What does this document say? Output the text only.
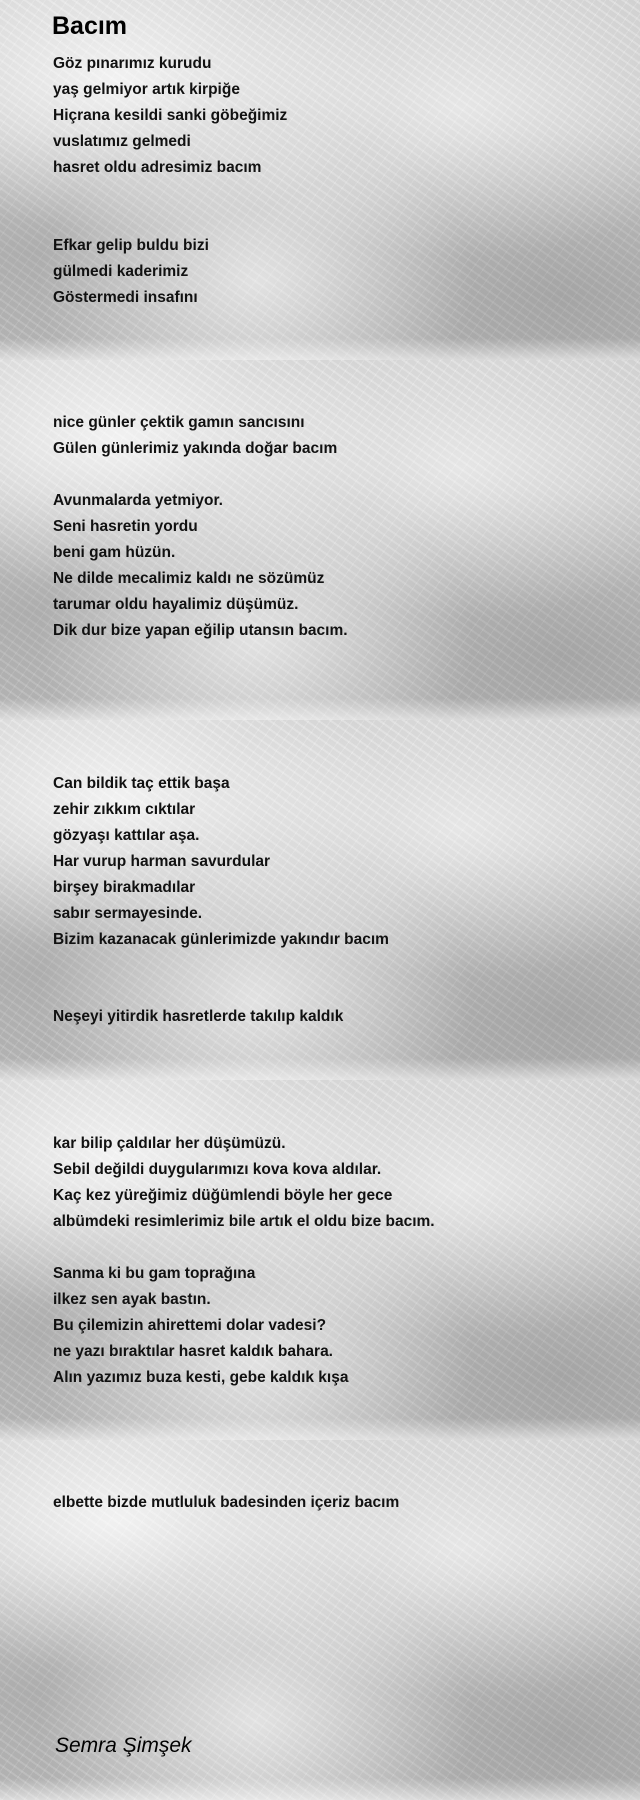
Bacım
Göz pınarımız kurudu
yaş gelmiyor artık kirpiğe
Hiçrana kesildi sanki göbeğimiz
vuslatımız gelmedi
hasret oldu adresimiz bacım
Efkar gelip buldu bizi
gülmedi kaderimiz
Göstermedi insafını
nice günler çektik gamın sancısını
Gülen günlerimiz yakında doğar bacım
Avunmalarda yetmiyor.
Seni hasretin yordu
beni gam hüzün.
Ne dilde mecalimiz kaldı ne sözümüz
tarumar oldu hayalimiz düşümüz.
Dik dur bize yapan eğilip utansın bacım.
Can bildik taç ettik başa
zehir zıkkım cıktılar
gözyaşı kattılar aşa.
Har vurup harman savurdular
birşey birakmadılar
sabır sermayesinde.
Bizim kazanacak günlerimizde yakındır bacım
Neşeyi yitirdik hasretlerde takılıp kaldık
kar bilip çaldılar her düşümüzü.
Sebil değildi duygularımızı kova kova aldılar.
Kaç kez yüreğimiz düğümlendi böyle her gece
albümdeki resimlerimiz bile artık el oldu bize bacım.
Sanma ki bu gam toprağına
ilkez sen ayak bastın.
Bu çilemizin ahirettemi dolar vadesi?
ne yazı bıraktılar hasret kaldık bahara.
Alın yazımız buza kesti, gebe kaldık kışa
elbette bizde mutluluk badesinden içeriz bacım
Semra Şimşek
